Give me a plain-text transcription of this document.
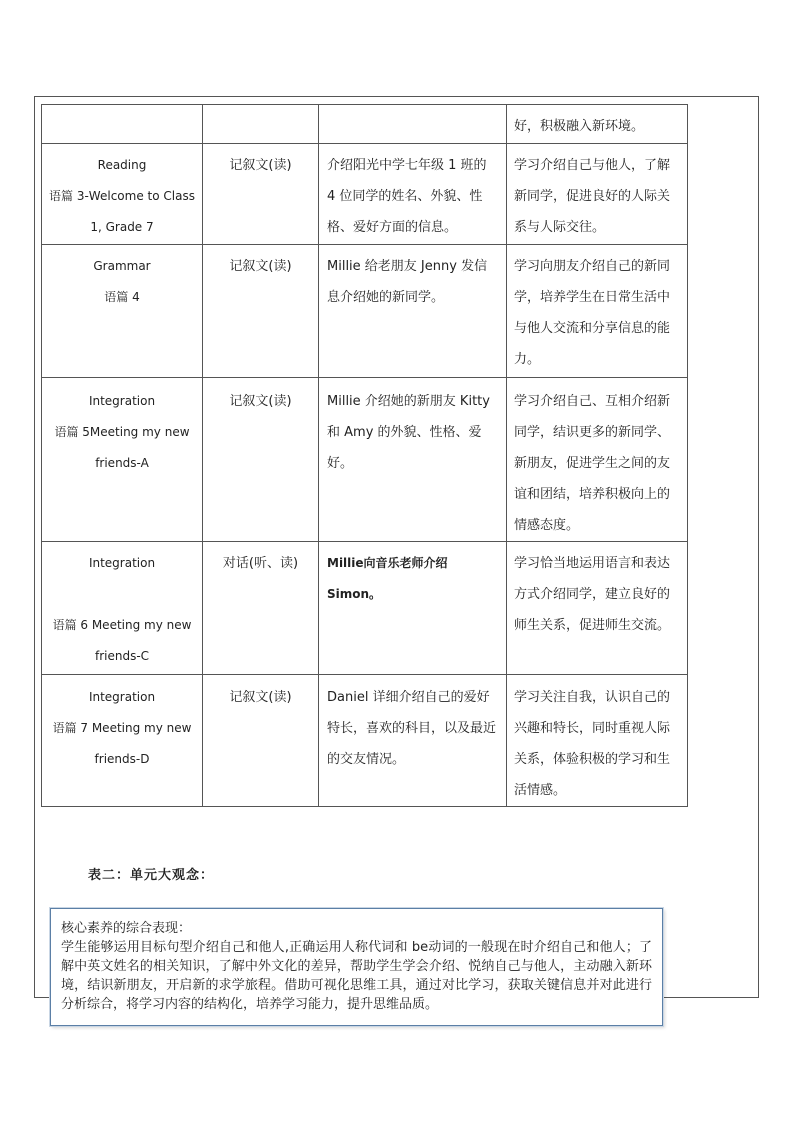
			好，积极融入新环境。

Reading
语篇 3-Welcome to Class
1, Grade 7	记叙文(读)	介绍阳光中学七年级 1 班的 4 位同学的姓名、外貌、性格、爱好方面的信息。	学习介绍自己与他人，了解新同学，促进良好的人际关系与人际交往。

Grammar
语篇 4	记叙文(读)	Millie 给老朋友 Jenny 发信息介绍她的新同学。	学习向朋友介绍自己的新同学，培养学生在日常生活中与他人交流和分享信息的能力。

Integration
语篇 5Meeting my new
friends-A	记叙文(读)	Millie 介绍她的新朋友 Kitty 和 Amy 的外貌、性格、爱好。	学习介绍自己、互相介绍新同学，结识更多的新同学、新朋友，促进学生之间的友谊和团结，培养积极向上的情感态度。

Integration
语篇 6 Meeting my new
friends-C	对话(听、读)	Millie向音乐老师介绍Simon。	学习恰当地运用语言和表达方式介绍同学，建立良好的师生关系，促进师生交流。

Integration
语篇 7 Meeting my new
friends-D	记叙文(读)	Daniel 详细介绍自己的爱好特长，喜欢的科目，以及最近的交友情况。	学习关注自我，认识自己的兴趣和特长，同时重视人际关系，体验积极的学习和生活情感。
表二：单元大观念：
核心素养的综合表现：
学生能够运用目标句型介绍自己和他人,正确运用人称代词和 be动词的一般现在时介绍自己和他人；了解中英文姓名的相关知识，了解中外文化的差异，帮助学生学会介绍、悦纳自己与他人，主动融入新环境，结识新朋友，开启新的求学旅程。借助可视化思维工具，通过对比学习，获取关键信息并对此进行分析综合，将学习内容的结构化，培养学习能力，提升思维品质。
